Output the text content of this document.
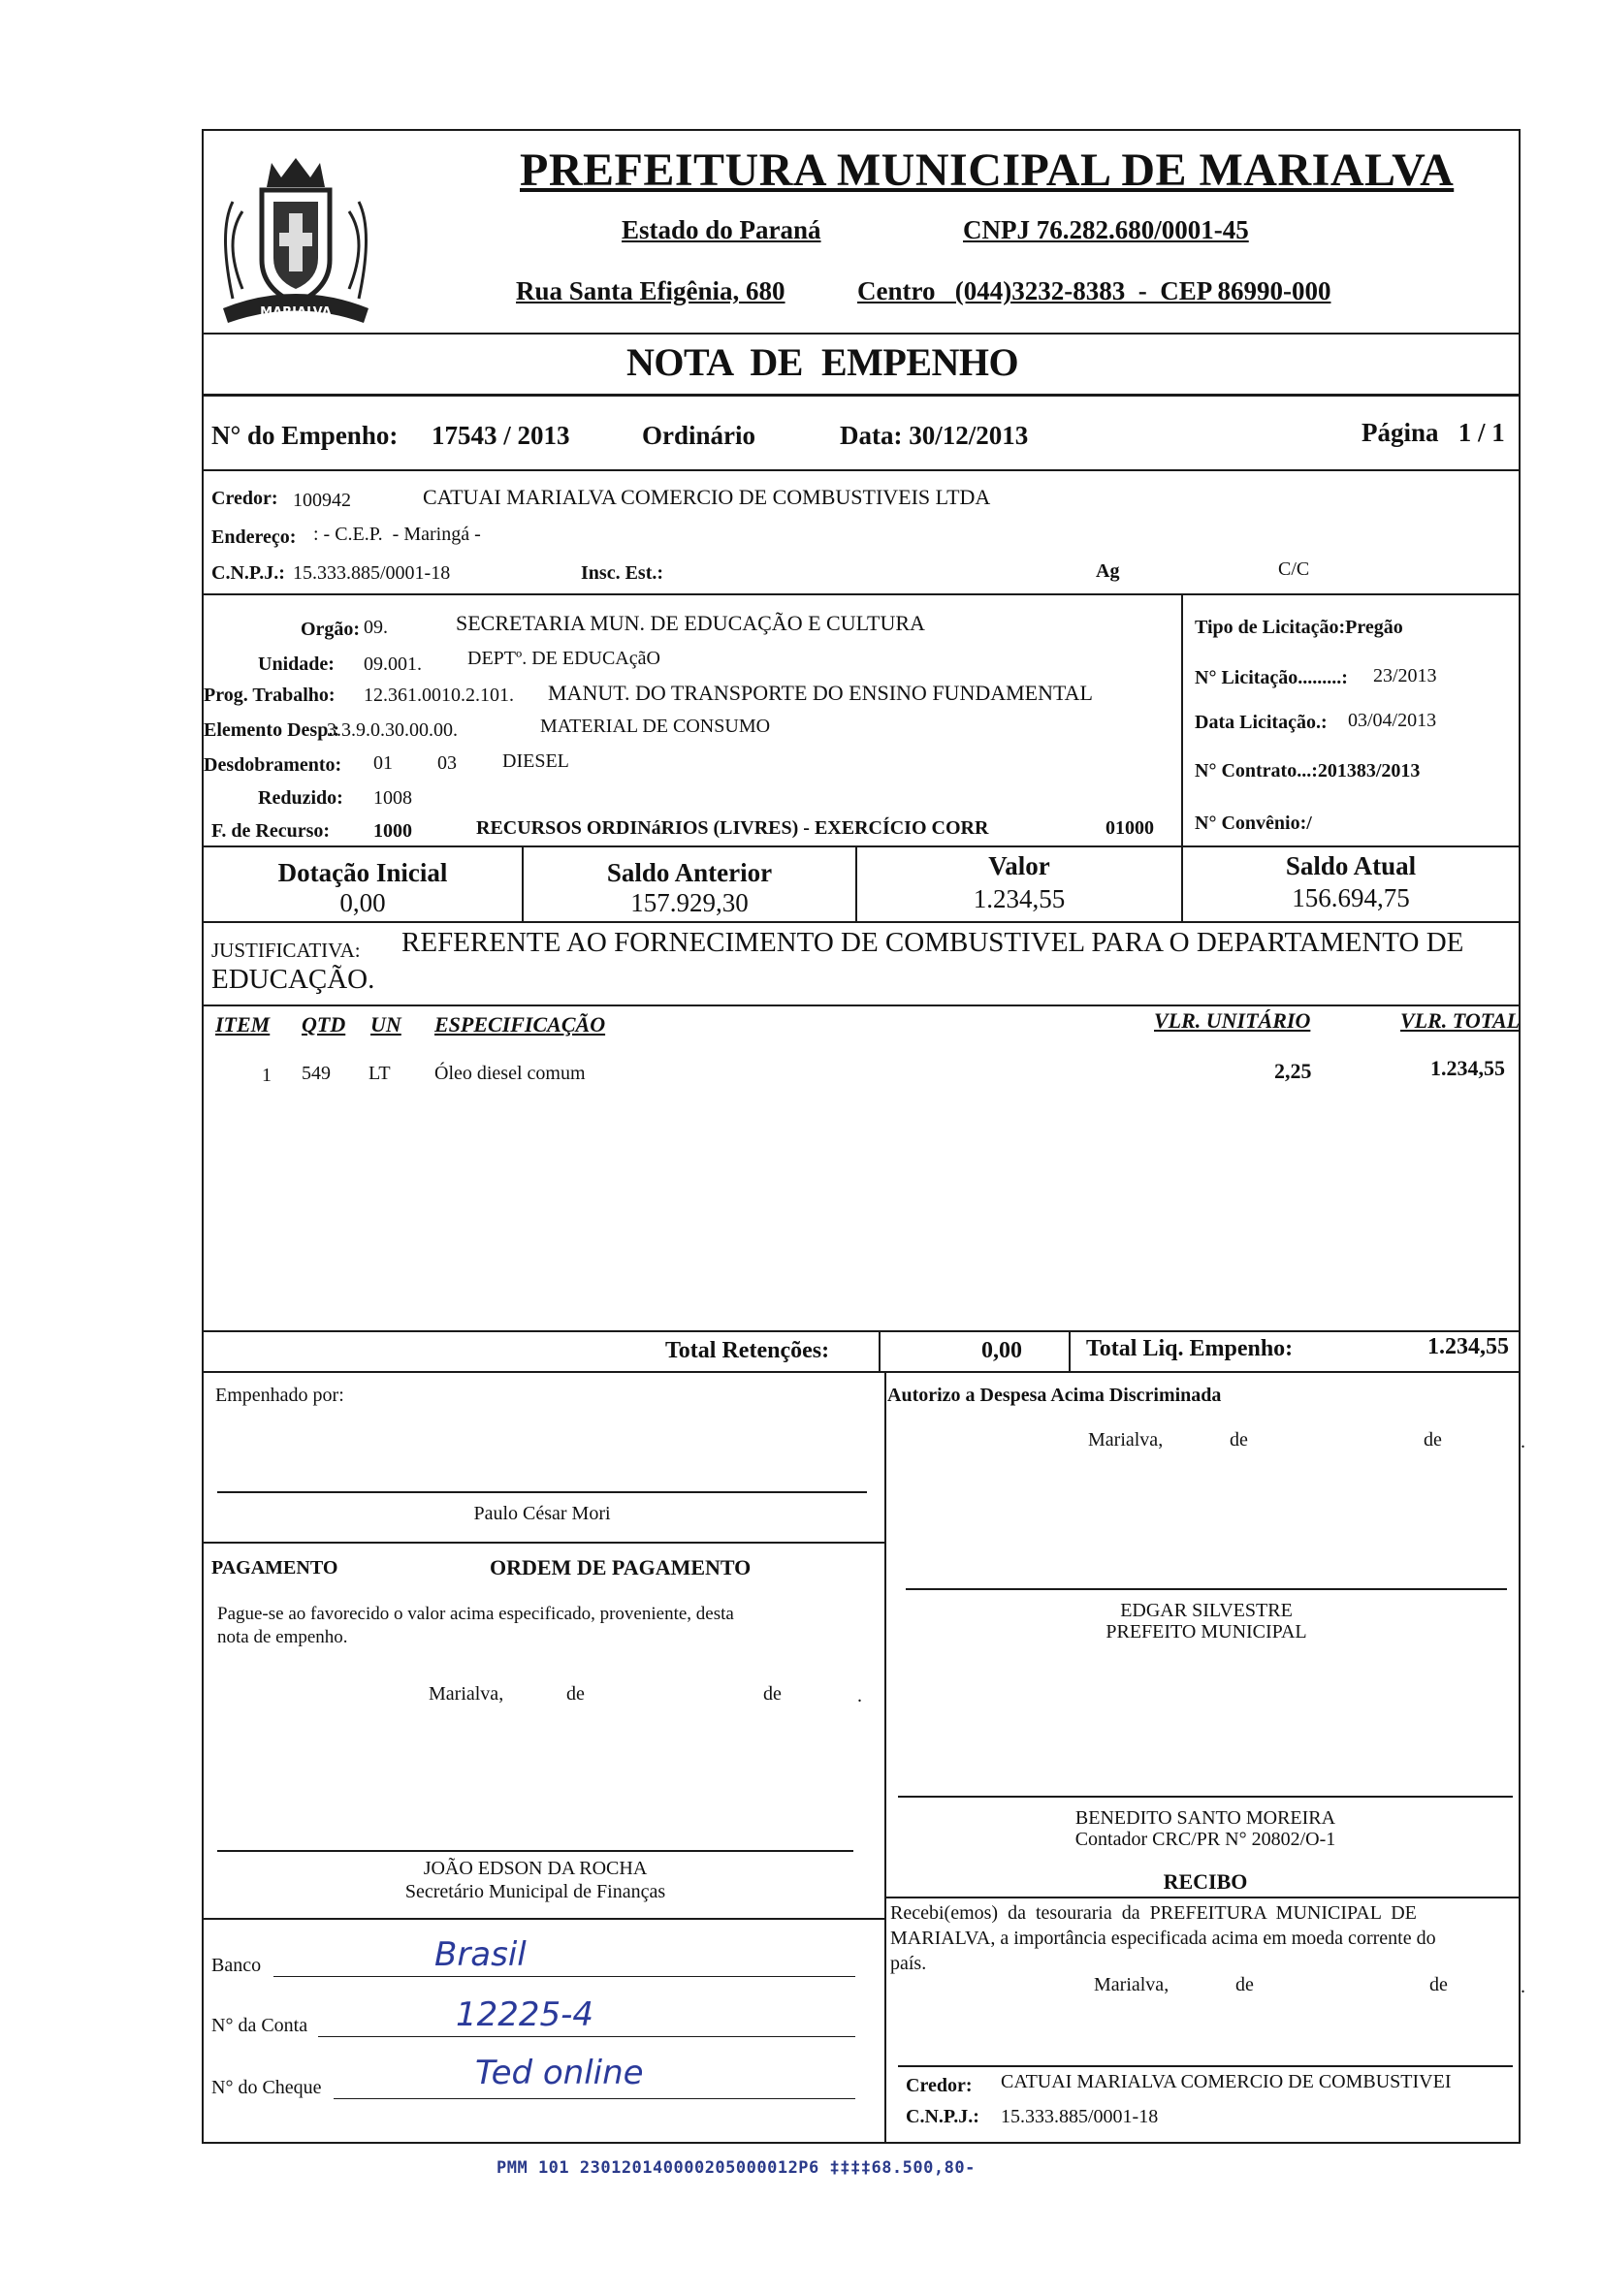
MARIALVA
PREFEITURA MUNICIPAL DE MARIALVA
Estado do Paraná	CNPJ 76.282.680/0001-45
Rua Santa Efigênia, 680	Centro   (044)3232-8383  -  CEP 86990-000
NOTA  DE  EMPENHO
N° do Empenho: 17543 / 2013	Ordinário	Data: 30/12/2013	Página   1 / 1
Credor: 100942	CATUAI MARIALVA COMERCIO DE COMBUSTIVEIS LTDA
Endereço: : - C.E.P.  - Maringá -
C.N.P.J.: 15.333.885/0001-18	Insc. Est.:	Ag	C/C
Orgão: 09.	SECRETARIA MUN. DE EDUCAÇÃO E CULTURA
Unidade: 09.001. DEPTº. DE EDUCAçãO
Prog. Trabalho: 12.361.0010.2.101. MANUT. DO TRANSPORTE DO ENSINO FUNDAMENTAL
Elemento Desp.:
3.3.9.0.30.00.00.	MATERIAL DE CONSUMO
Desdobramento: 01 03 DIESEL
Reduzido: 1008
F. de Recurso: 1000	RECURSOS ORDINáRIOS (LIVRES) - EXERCÍCIO CORR	01000
Tipo de Licitação:Pregão
N° Licitação.........: 23/2013
Data Licitação.: 03/04/2013
N° Contrato...:201383/2013
N° Convênio:/
Dotação Inicial
0,00
Saldo Anterior
157.929,30
Valor
1.234,55
Saldo Atual
156.694,75
JUSTIFICATIVA: REFERENTE AO FORNECIMENTO DE COMBUSTIVEL PARA O DEPARTAMENTO DE
EDUCAÇÃO.
ITEM QTD UN ESPECIFICAÇÃO	VLR. UNITÁRIO	VLR. TOTAL
1 549 LT Óleo diesel comum	2,25	1.234,55
Total Retenções:	0,00	Total Liq. Empenho:	1.234,55
Empenhado por:
Paulo César Mori
Autorizo a Despesa Acima Discriminada
Marialva,	de	de	.
EDGAR SILVESTRE
PREFEITO MUNICIPAL
PAGAMENTO	ORDEM DE PAGAMENTO
Pague-se ao favorecido o valor acima especificado, proveniente, desta
nota de empenho.
Marialva,	de	de	.
JOÃO EDSON DA ROCHA
Secretário Municipal de Finanças
BENEDITO SANTO MOREIRA
Contador CRC/PR N° 20802/O-1
RECIBO
Recebi(emos)  da  tesouraria  da  PREFEITURA  MUNICIPAL  DE
MARIALVA, a importância especificada acima em moeda corrente do
país.
Marialva,	de	de	.
Credor: CATUAI MARIALVA COMERCIO DE COMBUSTIVEI
C.N.P.J.: 15.333.885/0001-18
Banco	Brasil
N° da Conta	12225-4
N° do Cheque	Ted online
PMM 101 230120140000205000012P6 ‡‡‡‡68.500,80-
